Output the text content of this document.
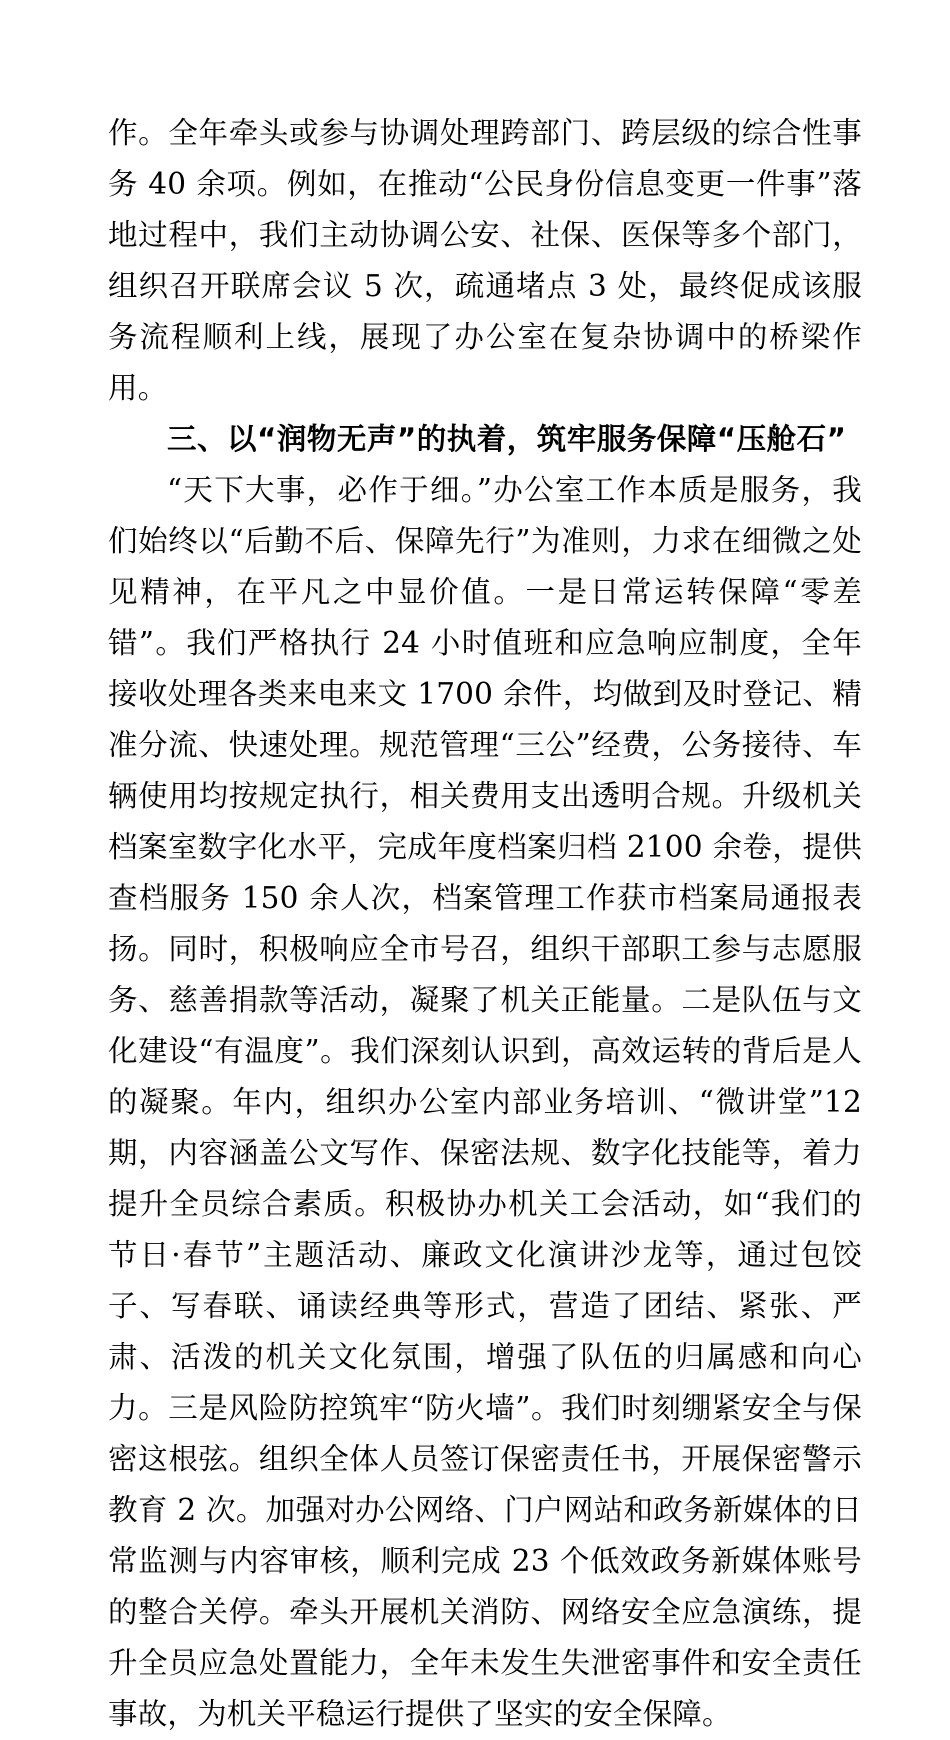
作。全年牵头或参与协调处理跨部门、跨层级的综合性事务 40 余项。例如，在推动“公民身份信息变更一件事”落地过程中，我们主动协调公安、社保、医保等多个部门，组织召开联席会议 5 次，疏通堵点 3 处，最终促成该服务流程顺利上线，展现了办公室在复杂协调中的桥梁作用。

三、以“润物无声”的执着，筑牢服务保障“压舱石”

“天下大事，必作于细。”办公室工作本质是服务，我们始终以“后勤不后、保障先行”为准则，力求在细微之处见精神，在平凡之中显价值。一是日常运转保障“零差错”。我们严格执行 24 小时值班和应急响应制度，全年接收处理各类来电来文 1700 余件，均做到及时登记、精准分流、快速处理。规范管理“三公”经费，公务接待、车辆使用均按规定执行，相关费用支出透明合规。升级机关档案室数字化水平，完成年度档案归档 2100 余卷，提供查档服务 150 余人次，档案管理工作获市档案局通报表扬。同时，积极响应全市号召，组织干部职工参与志愿服务、慈善捐款等活动，凝聚了机关正能量。二是队伍与文化建设“有温度”。我们深刻认识到，高效运转的背后是人的凝聚。年内，组织办公室内部业务培训、“微讲堂”12 期，内容涵盖公文写作、保密法规、数字化技能等，着力提升全员综合素质。积极协办机关工会活动，如“我们的节日·春节”主题活动、廉政文化演讲沙龙等，通过包饺子、写春联、诵读经典等形式，营造了团结、紧张、严肃、活泼的机关文化氛围，增强了队伍的归属感和向心力。三是风险防控筑牢“防火墙”。我们时刻绷紧安全与保密这根弦。组织全体人员签订保密责任书，开展保密警示教育 2 次。加强对办公网络、门户网站和政务新媒体的日常监测与内容审核，顺利完成 23 个低效政务新媒体账号的整合关停。牵头开展机关消防、网络安全应急演练，提升全员应急处置能力，全年未发生失泄密事件和安全责任事故，为机关平稳运行提供了坚实的安全保障。
